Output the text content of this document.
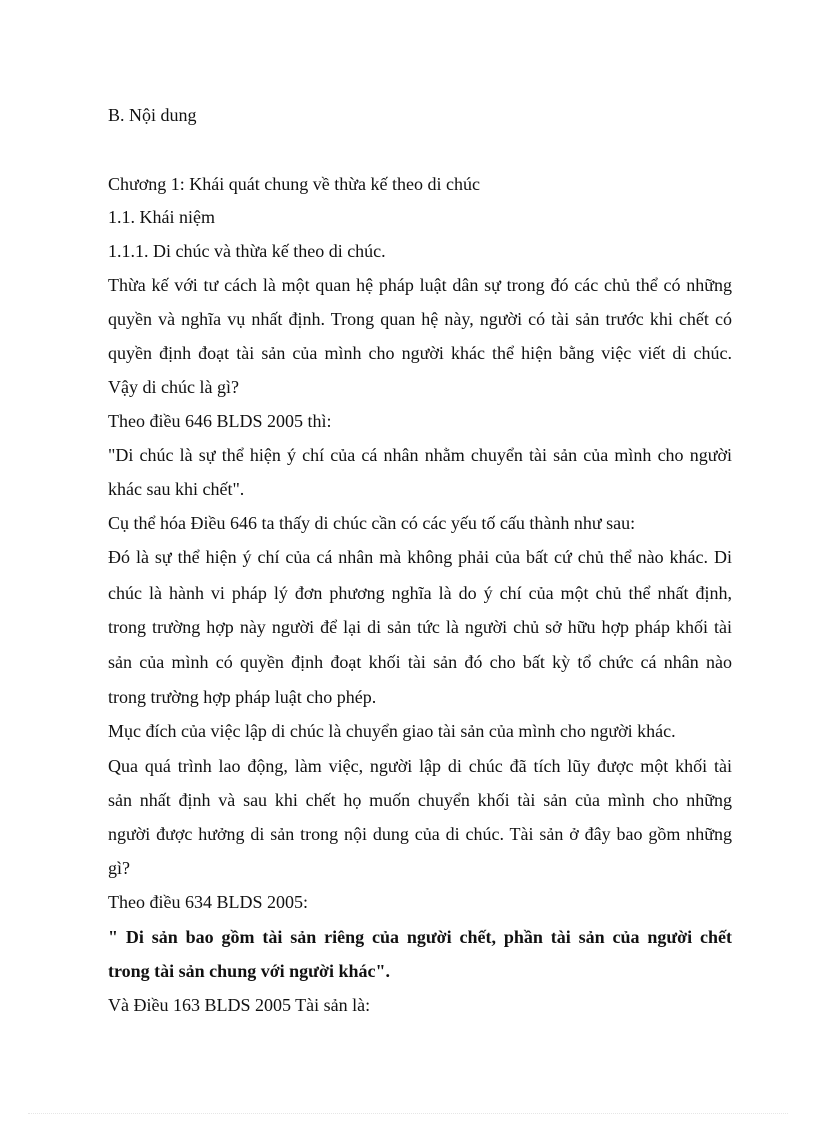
B. Nội dung
Chương 1: Khái quát chung về thừa kế theo di chúc
1.1. Khái niệm
1.1.1. Di chúc và thừa kế theo di chúc.
Thừa kế với tư cách là một quan hệ pháp luật dân sự trong đó các chủ thể có những
quyền và nghĩa vụ nhất định. Trong quan hệ này, người có tài sản trước khi chết có
quyền định đoạt tài sản của mình cho người khác thể hiện bằng việc viết di chúc.
Vậy di chúc là gì?
Theo điều 646 BLDS 2005 thì:
"Di chúc là sự thể hiện ý chí của cá nhân nhằm chuyển tài sản của mình cho người
khác sau khi chết".
Cụ thể hóa Điều 646 ta thấy di chúc cần có các yếu tố cấu thành như sau:
Đó là sự thể hiện ý chí của cá nhân mà không phải của bất cứ chủ thể nào khác. Di
chúc là hành vi pháp lý đơn phương nghĩa là do ý chí của một chủ thể nhất định,
trong trường hợp này người để lại di sản tức là người chủ sở hữu hợp pháp khối tài
sản của mình có quyền định đoạt khối tài sản đó cho bất kỳ tổ chức cá nhân nào
trong trường hợp pháp luật cho phép.
Mục đích của việc lập di chúc là chuyển giao tài sản của mình cho người khác.
Qua quá trình lao động, làm việc, người lập di chúc đã tích lũy được một khối tài
sản nhất định và sau khi chết họ muốn chuyển khối tài sản của mình cho những
người được hưởng di sản trong nội dung của di chúc. Tài sản ở đây bao gồm những
gì?
Theo điều 634 BLDS 2005:
" Di sản bao gồm tài sản riêng của người chết, phần tài sản của người chết
trong tài sản chung với người khác".
Và Điều 163 BLDS 2005 Tài sản là:
